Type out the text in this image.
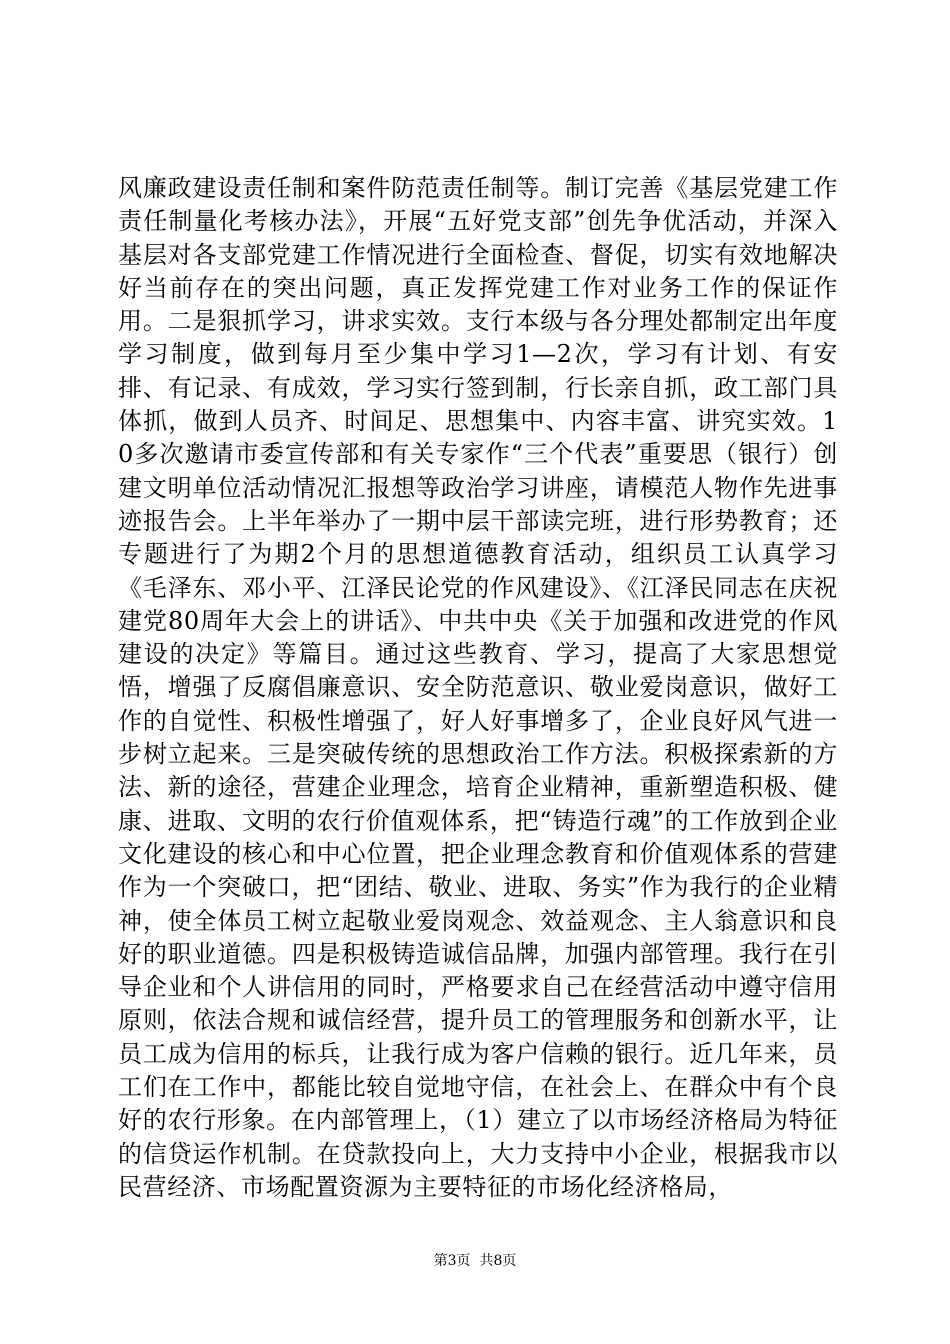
风廉政建设责任制和案件防范责任制等。制订完善《基层党建工作责任制量化考核办法》，开展“五好党支部”创先争优活动，并深入基层对各支部党建工作情况进行全面检查、督促，切实有效地解决好当前存在的突出问题，真正发挥党建工作对业务工作的保证作用。二是狠抓学习，讲求实效。支行本级与各分理处都制定出年度学习制度，做到每月至少集中学习1—2次，学习有计划、有安排、有记录、有成效，学习实行签到制，行长亲自抓，政工部门具体抓，做到人员齐、时间足、思想集中、内容丰富、讲究实效。10多次邀请市委宣传部和有关专家作“三个代表”重要思（银行）创建文明单位活动情况汇报想等政治学习讲座，请模范人物作先进事迹报告会。上半年举办了一期中层干部读完班，进行形势教育；还专题进行了为期2个月的思想道德教育活动，组织员工认真学习《毛泽东、邓小平、江泽民论党的作风建设》、《江泽民同志在庆祝建党80周年大会上的讲话》、中共中央《关于加强和改进党的作风建设的决定》等篇目。通过这些教育、学习，提高了大家思想觉悟，增强了反腐倡廉意识、安全防范意识、敬业爱岗意识，做好工作的自觉性、积极性增强了，好人好事增多了，企业良好风气进一步树立起来。三是突破传统的思想政治工作方法。积极探索新的方法、新的途径，营建企业理念，培育企业精神，重新塑造积极、健康、进取、文明的农行价值观体系，把“铸造行魂”的工作放到企业文化建设的核心和中心位置，把企业理念教育和价值观体系的营建作为一个突破口，把“团结、敬业、进取、务实”作为我行的企业精神，使全体员工树立起敬业爱岗观念、效益观念、主人翁意识和良好的职业道德。四是积极铸造诚信品牌，加强内部管理。我行在引导企业和个人讲信用的同时，严格要求自己在经营活动中遵守信用原则，依法合规和诚信经营，提升员工的管理服务和创新水平，让员工成为信用的标兵，让我行成为客户信赖的银行。近几年来，员工们在工作中，都能比较自觉地守信，在社会上、在群众中有个良好的农行形象。在内部管理上，（1）建立了以市场经济格局为特征的信贷运作机制。在贷款投向上，大力支持中小企业，根据我市以民营经济、市场配置资源为主要特征的市场化经济格局，

第3页  共8页
